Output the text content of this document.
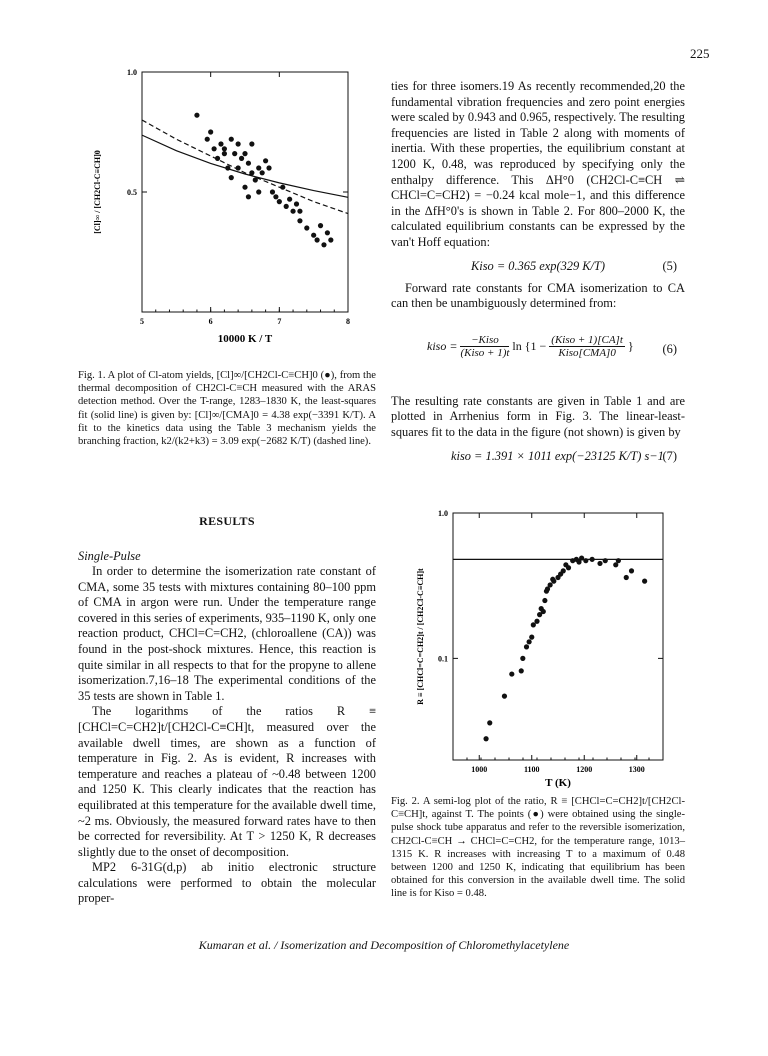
225
5	6	7	8
1.0
0.5
10000 K / T
[Cl]∞ / [CH2Cl-C≡CH]0

Fig. 1. A plot of Cl-atom yields, [Cl]∞/[CH2Cl-C≡CH]0 (●), from the thermal decomposition of CH2Cl-C≡CH measured with the ARAS detection method. Over the T-range, 1283–1830 K, the least-squares fit (solid line) is given by: [Cl]∞/[CMA]0 = 4.38 exp(−3391 K/T). A fit to the kinetics data using the Table 3 mechanism yields the branching fraction, k2/(k2+k3) = 3.09 exp(−2682 K/T) (dashed line).

1000	1100	1200	1300
1.0
0.1
T (K)
R ≡ [CHCl=C=CH2]t / [CH2Cl-C≡CH]t

Fig. 2. A semi-log plot of the ratio, R ≡ [CHCl=C=CH2]t/[CH2Cl-C≡CH]t, against T. The points (●) were obtained using the single-pulse shock tube apparatus and refer to the reversible isomerization, CH2Cl-C≡CH → CHCl=C=CH2, for the temperature range, 1013–1315 K. R increases with increasing T to a maximum of 0.48 between 1200 and 1250 K, indicating that equilibrium has been obtained for this conversion in the available dwell time. The solid line is for Kiso = 0.48.

ties for three isomers.19 As recently recommended,20 the fundamental vibration frequencies and zero point energies were scaled by 0.943 and 0.965, respectively. The resulting frequencies are listed in Table 2 along with moments of inertia. With these properties, the equilibrium constant at 1200 K, 0.48, was reproduced by specifying only the enthalpy difference. This ΔH°0 (CH2Cl-C≡CH ⇌ CHCl=C=CH2) = −0.24 kcal mole−1, and this difference in the ΔfH°0's is shown in Table 2. For 800–2000 K, the calculated equilibrium constants can be expressed by the van't Hoff equation:

Kiso = 0.365 exp(329 K/T)	(5)

Forward rate constants for CMA isomerization to CA can then be unambiguously determined from:

kiso = $\frac{\text{−Kiso}}{\text{(Kiso + 1)t}}$ $\ln \{1 - \frac{\text{(Kiso + 1)[CA]t}}{\text{Kiso[CMA]0}}$ } (6)

The resulting rate constants are given in Table 1 and are plotted in Arrhenius form in Fig. 3. The linear-least-squares fit to the data in the figure (not shown) is given by

kiso = 1.391 × 1011 exp(−23125 K/T) s−1
(7)
RESULTS
Single-Pulse

In order to determine the isomerization rate constant of CMA, some 35 tests with mixtures containing 80–100 ppm of CMA in argon were run. Under the temperature range covered in this series of experiments, 935–1190 K, only one reaction product, CHCl=C=CH2, (chloroallene (CA)) was found in the post-shock mixtures. Hence, this reaction is quite similar in all respects to that for the propyne to allene isomerization.7,16–18 The experimental conditions of the 35 tests are shown in Table 1.

The logarithms of the ratios R ≡ [CHCl=C=CH2]t/[CH2Cl-C≡CH]t, measured over the available dwell times, are shown as a function of temperature in Fig. 2. As is evident, R increases with temperature and reaches a plateau of ~0.48 between 1200 and 1250 K. This clearly indicates that the reaction has equilibrated at this temperature for the available dwell time, ~2 ms. Obviously, the measured forward rates have to then be corrected for reversibility. At T > 1250 K, R decreases slightly due to the onset of decomposition.

MP2 6-31G(d,p) ab initio electronic structure calculations were performed to obtain the molecular proper-

Kumaran et al. / Isomerization and Decomposition of Chloromethylacetylene
